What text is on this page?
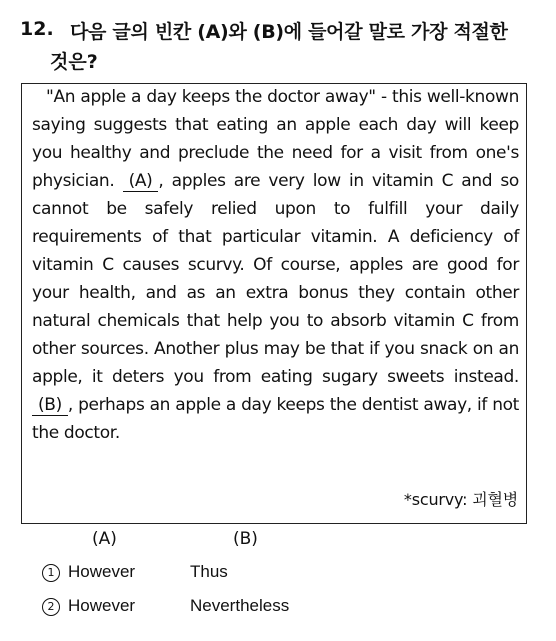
12. 다음 글의 빈칸 (A)와 (B)에 들어갈 말로 가장 적절한
것은?

"An apple a day keeps the doctor away" - this well-known saying suggests that eating an apple each day will keep you healthy and preclude the need for a visit from one's physician. (A) , apples are very low in vitamin C and so cannot be safely relied upon to fulfill your daily requirements of that particular vitamin. A deficiency of vitamin C causes scurvy. Of course, apples are good for your health, and as an extra bonus they contain other natural chemicals that help you to absorb vitamin C from other sources. Another plus may be that if you snack on an apple, it deters you from eating sugary sweets instead. (B) , perhaps an apple a day keeps the dentist away, if not the doctor.

*scurvy: 괴혈병
(A)	(B)
1 However	Thus
2 However	Nevertheless
